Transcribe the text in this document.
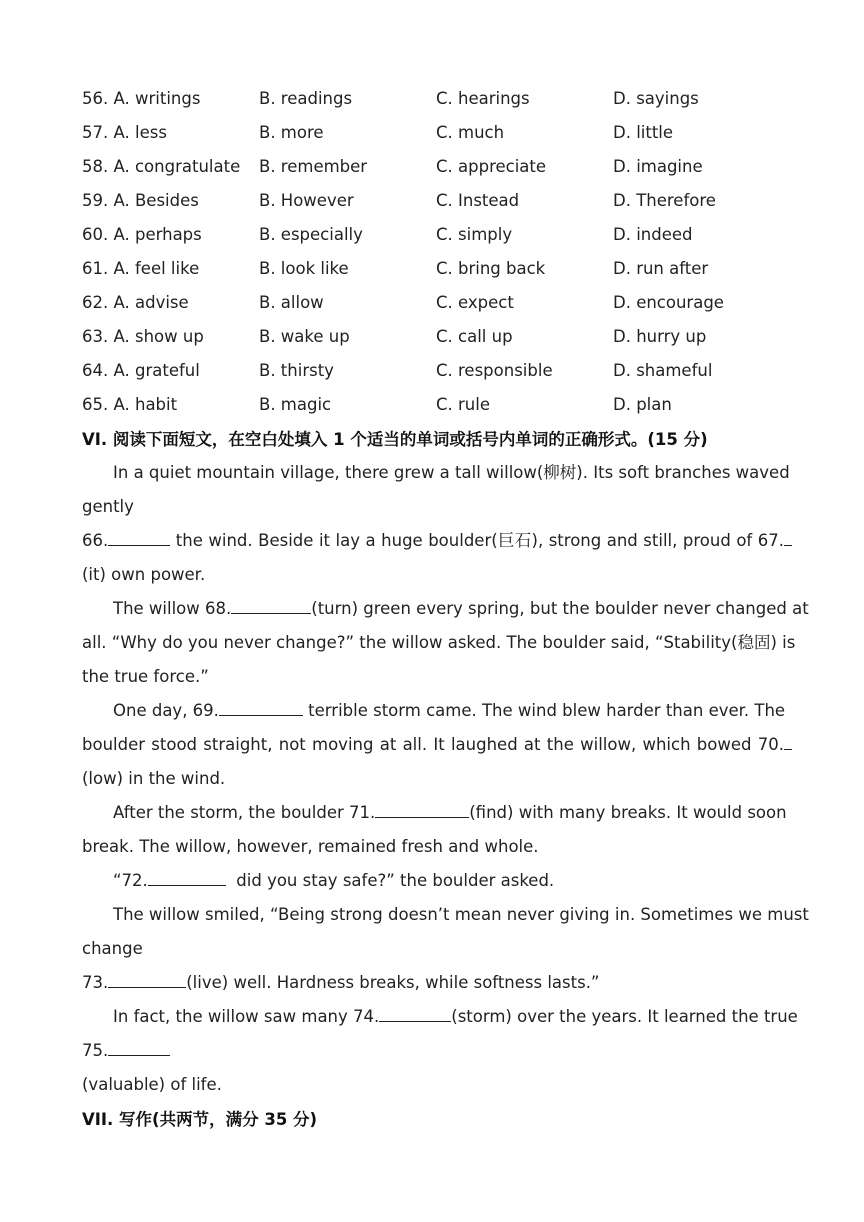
56. A. writings	B. readings	C. hearings	D. sayings
57. A. less	B. more	C. much	D. little
58. A. congratulate B. remember	C. appreciate	D. imagine
59. A. Besides	B. However	C. Instead	D. Therefore
60. A. perhaps	B. especially	C. simply	D. indeed
61. A. feel like	B. look like	C. bring back	D. run after
62. A. advise	B. allow	C. expect	D. encourage
63. A. show up	B. wake up	C. call up	D. hurry up
64. A. grateful	B. thirsty	C. responsible	D. shameful
65. A. habit	B. magic	C. rule	D. plan
VI. 阅读下面短文，在空白处填入 1 个适当的单词或括号内单词的正确形式。(15 分)
In a quiet mountain village, there grew a tall willow(柳树). Its soft branches waved
gently
66.	the wind. Beside it lay a huge boulder(巨石), strong and still, proud of 67.
(it) own power.
The willow 68.	(turn) green every spring, but the boulder never changed at
all. “Why do you never change?” the willow asked. The boulder said, “Stability(稳固) is
the true force.”
One day, 69.	terrible storm came. The wind blew harder than ever. The
boulder stood straight, not moving at all. It laughed at the willow, which bowed 70.
(low) in the wind.
After the storm, the boulder 71.	(find) with many breaks. It would soon
break. The willow, however, remained fresh and whole.
“72.	did you stay safe?” the boulder asked.
The willow smiled, “Being strong doesn’t mean never giving in. Sometimes we must
change
73.	(live) well. Hardness breaks, while softness lasts.”
In fact, the willow saw many 74.	(storm) over the years. It learned the true
75.
(valuable) of life.
VII. 写作(共两节，满分 35 分)
